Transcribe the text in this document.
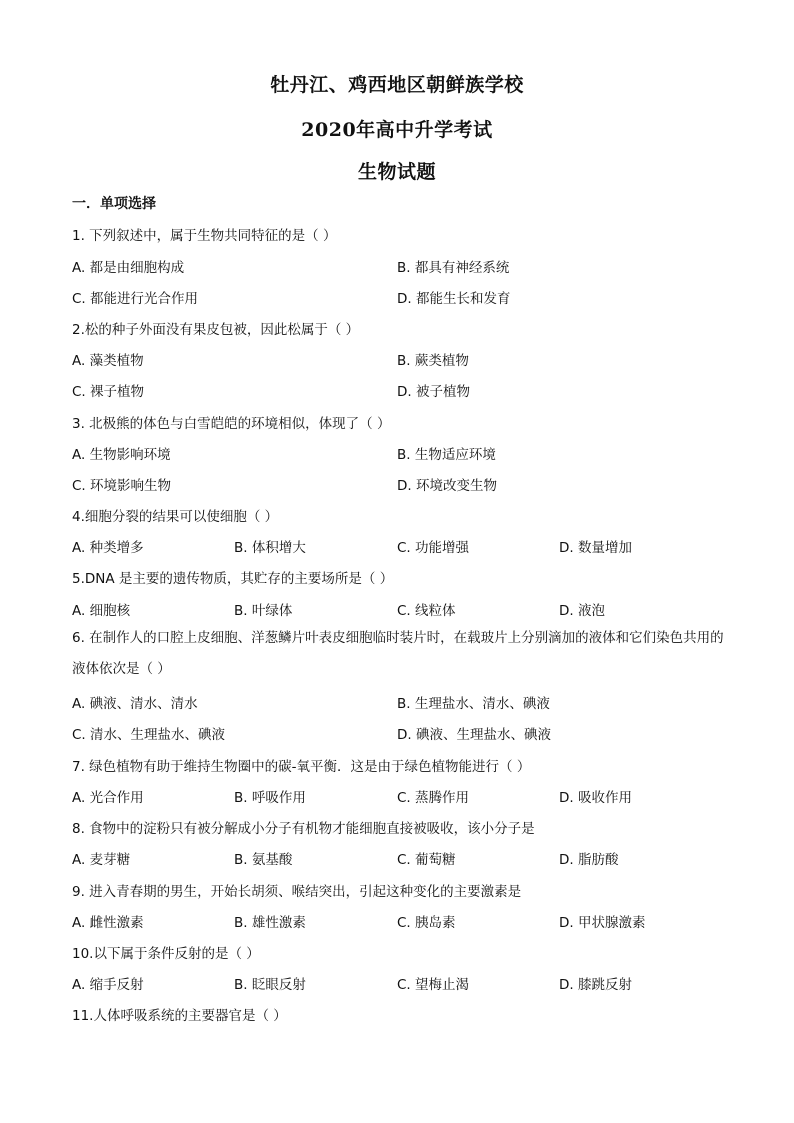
牡丹江、鸡西地区朝鲜族学校
2020年高中升学考试
生物试题
一．单项选择
1. 下列叙述中，属于生物共同特征的是（ ）
A. 都是由细胞构成	B. 都具有神经系统
C. 都能进行光合作用	D. 都能生长和发育
2.松的种子外面没有果皮包被，因此松属于（ ）
A. 藻类植物	B. 蕨类植物
C. 裸子植物	D. 被子植物
3. 北极熊的体色与白雪皑皑的环境相似，体现了（ ）
A. 生物影响环境	B. 生物适应环境
C. 环境影响生物	D. 环境改变生物
4.细胞分裂的结果可以使细胞（ ）
A. 种类增多	B. 体积增大	C. 功能增强	D. 数量增加
5.DNA 是主要的遗传物质，其贮存的主要场所是（ ）
A. 细胞核	B. 叶绿体	C. 线粒体	D. 液泡
6. 在制作人的口腔上皮细胞、洋葱鳞片叶表皮细胞临时装片时，在载玻片上分别滴加的液体和它们染色共用的液体依次是（ ）
A. 碘液、清水、清水	B. 生理盐水、清水、碘液
C. 清水、生理盐水、碘液	D. 碘液、生理盐水、碘液
7. 绿色植物有助于维持生物圈中的碳-氧平衡．这是由于绿色植物能进行（ ）
A. 光合作用	B. 呼吸作用	C. 蒸腾作用	D. 吸收作用
8. 食物中的淀粉只有被分解成小分子有机物才能细胞直接被吸收，该小分子是
A. 麦芽糖	B. 氨基酸	C. 葡萄糖	D. 脂肪酸
9. 进入青春期的男生，开始长胡须、喉结突出，引起这种变化的主要激素是
A. 雌性激素	B. 雄性激素	C. 胰岛素	D. 甲状腺激素
10.以下属于条件反射的是（ ）
A. 缩手反射	B. 眨眼反射	C. 望梅止渴	D. 膝跳反射
11.人体呼吸系统的主要器官是（ ）
